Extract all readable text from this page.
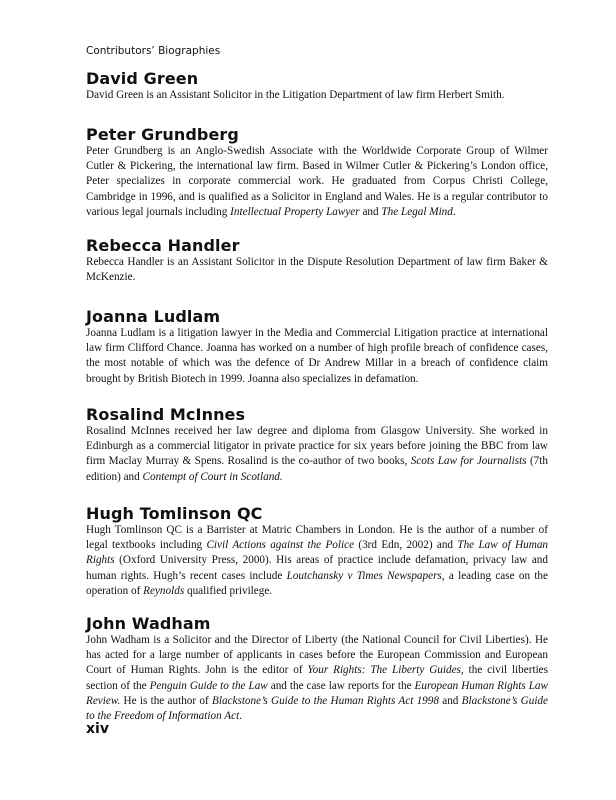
Contributors’ Biographies
David Green

David Green is an Assistant Solicitor in the Litigation Department of law firm Herbert Smith.

Peter Grundberg

Peter Grundberg is an Anglo-Swedish Associate with the Worldwide Corporate Group of Wilmer Cutler & Pickering, the international law firm. Based in Wilmer Cutler & Pickering’s London office, Peter specializes in corporate commercial work. He graduated from Corpus Christi College, Cambridge in 1996, and is qualified as a Solicitor in England and Wales. He is a regular contributor to various legal journals including Intellectual Property Lawyer and The Legal Mind.

Rebecca Handler

Rebecca Handler is an Assistant Solicitor in the Dispute Resolution Department of law firm Baker & McKenzie.

Joanna Ludlam

Joanna Ludlam is a litigation lawyer in the Media and Commercial Litigation practice at international law firm Clifford Chance. Joanna has worked on a number of high profile breach of confidence cases, the most notable of which was the defence of Dr Andrew Millar in a breach of confidence claim brought by British Biotech in 1999. Joanna also specializes in defamation.

Rosalind McInnes

Rosalind McInnes received her law degree and diploma from Glasgow University. She worked in Edinburgh as a commercial litigator in private practice for six years before joining the BBC from law firm Maclay Murray & Spens. Rosalind is the co-author of two books, Scots Law for Journalists (7th edition) and Contempt of Court in Scotland.

Hugh Tomlinson QC

Hugh Tomlinson QC is a Barrister at Matric Chambers in London. He is the author of a number of legal textbooks including Civil Actions against the Police (3rd Edn, 2002) and The Law of Human Rights (Oxford University Press, 2000). His areas of practice include defamation, privacy law and human rights. Hugh’s recent cases include Loutchansky v Times Newspapers, a leading case on the operation of Reynolds qualified privilege.

John Wadham

John Wadham is a Solicitor and the Director of Liberty (the National Council for Civil Liberties). He has acted for a large number of applicants in cases before the European Commission and European Court of Human Rights. John is the editor of Your Rights: The Liberty Guides, the civil liberties section of the Penguin Guide to the Law and the case law reports for the European Human Rights Law Review. He is the author of Blackstone’s Guide to the Human Rights Act 1998 and Blackstone’s Guide to the Freedom of Information Act.

xiv
